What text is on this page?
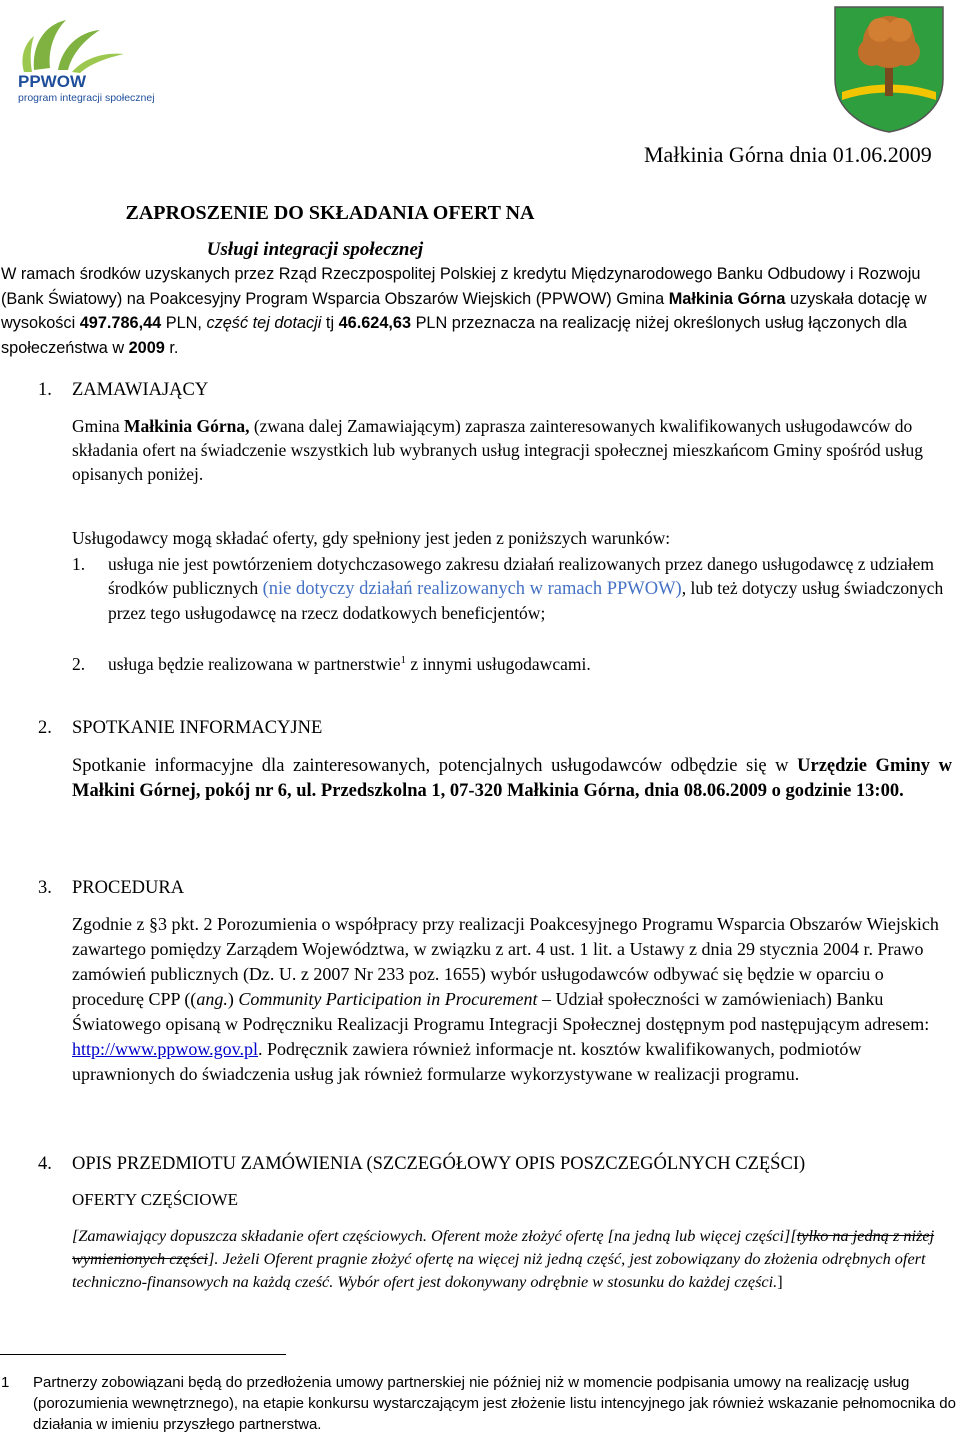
PPWOW
program integracji społecznej
Małkinia Górna dnia 01.06.2009
ZAPROSZENIE DO SKŁADANIA OFERT NA
Usługi integracji społecznej
W ramach środków uzyskanych przez Rząd Rzeczpospolitej Polskiej z kredytu Międzynarodowego Banku Odbudowy i Rozwoju (Bank Światowy) na Poakcesyjny Program Wsparcia Obszarów Wiejskich (PPWOW) Gmina Małkinia Górna uzyskała dotację w wysokości 497.786,44 PLN, część tej dotacji tj 46.624,63 PLN przeznacza na realizację niżej określonych usług łączonych dla społeczeństwa w 2009 r.
1. ZAMAWIAJĄCY
Gmina Małkinia Górna, (zwana dalej Zamawiającym) zaprasza zainteresowanych kwalifikowanych usługodawców do składania ofert na świadczenie wszystkich lub wybranych usług integracji społecznej mieszkańcom Gminy spośród usług opisanych poniżej.
Usługodawcy mogą składać oferty, gdy spełniony jest jeden z poniższych warunków:
1. usługa nie jest powtórzeniem dotychczasowego zakresu działań realizowanych przez danego usługodawcę z udziałem środków publicznych (nie dotyczy działań realizowanych w ramach PPWOW), lub też dotyczy usług świadczonych przez tego usługodawcę na rzecz dodatkowych beneficjentów;
2. usługa będzie realizowana w partnerstwie$^1$ z innymi usługodawcami.
2. SPOTKANIE INFORMACYJNE
Spotkanie informacyjne dla zainteresowanych, potencjalnych usługodawców odbędzie się w Urzędzie Gminy w Małkini Górnej, pokój nr 6, ul. Przedszkolna 1, 07-320 Małkinia Górna, dnia 08.06.2009 o godzinie 13:00.
3. PROCEDURA
Zgodnie z §3 pkt. 2 Porozumienia o współpracy przy realizacji Poakcesyjnego Programu Wsparcia Obszarów Wiejskich zawartego pomiędzy Zarządem Województwa, w związku z art. 4 ust. 1 lit. a Ustawy z dnia 29 stycznia 2004 r. Prawo zamówień publicznych (Dz. U. z 2007 Nr 233 poz. 1655) wybór usługodawców odbywać się będzie w oparciu o procedurę CPP ((ang.) Community Participation in Procurement – Udział społeczności w zamówieniach) Banku Światowego opisaną w Podręczniku Realizacji Programu Integracji Społecznej dostępnym pod następującym adresem: http://www.ppwow.gov.pl. Podręcznik zawiera również informacje nt. kosztów kwalifikowanych, podmiotów uprawnionych do świadczenia usług jak również formularze wykorzystywane w realizacji programu.
4. OPIS PRZEDMIOTU ZAMÓWIENIA (SZCZEGÓŁOWY OPIS POSZCZEGÓLNYCH CZĘŚCI)
OFERTY CZĘŚCIOWE
[Zamawiający dopuszcza składanie ofert częściowych. Oferent może złożyć ofertę [na jedną lub więcej części][tylko na jedną z niżej wymienionych części]. Jeżeli Oferent pragnie złożyć ofertę na więcej niż jedną część, jest zobowiązany do złożenia odrębnych ofert techniczno-finansowych na każdą cześć. Wybór ofert jest dokonywany odrębnie w stosunku do każdej części.]
1 Partnerzy zobowiązani będą do przedłożenia umowy partnerskiej nie później niż w momencie podpisania umowy na realizację usług (porozumienia wewnętrznego), na etapie konkursu wystarczającym jest złożenie listu intencyjnego jak również wskazanie pełnomocnika do działania w imieniu przyszłego partnerstwa.
